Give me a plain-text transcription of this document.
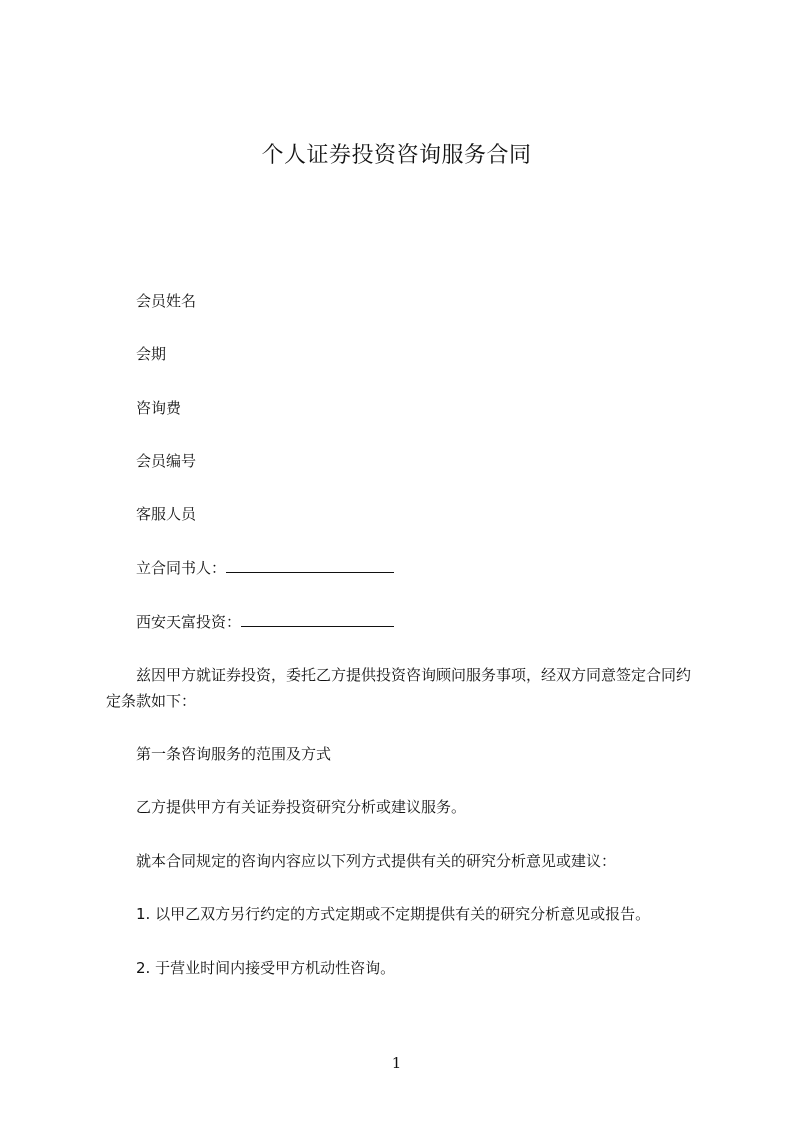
个人证券投资咨询服务合同
会员姓名
会期
咨询费
会员编号
客服人员
立合同书人：
西安天富投资：
兹因甲方就证券投资，委托乙方提供投资咨询顾问服务事项，经双方同意签定合同约定条款如下：
第一条咨询服务的范围及方式
乙方提供甲方有关证券投资研究分析或建议服务。
就本合同规定的咨询内容应以下列方式提供有关的研究分析意见或建议：
1. 以甲乙双方另行约定的方式定期或不定期提供有关的研究分析意见或报告。
2. 于营业时间内接受甲方机动性咨询。
1
